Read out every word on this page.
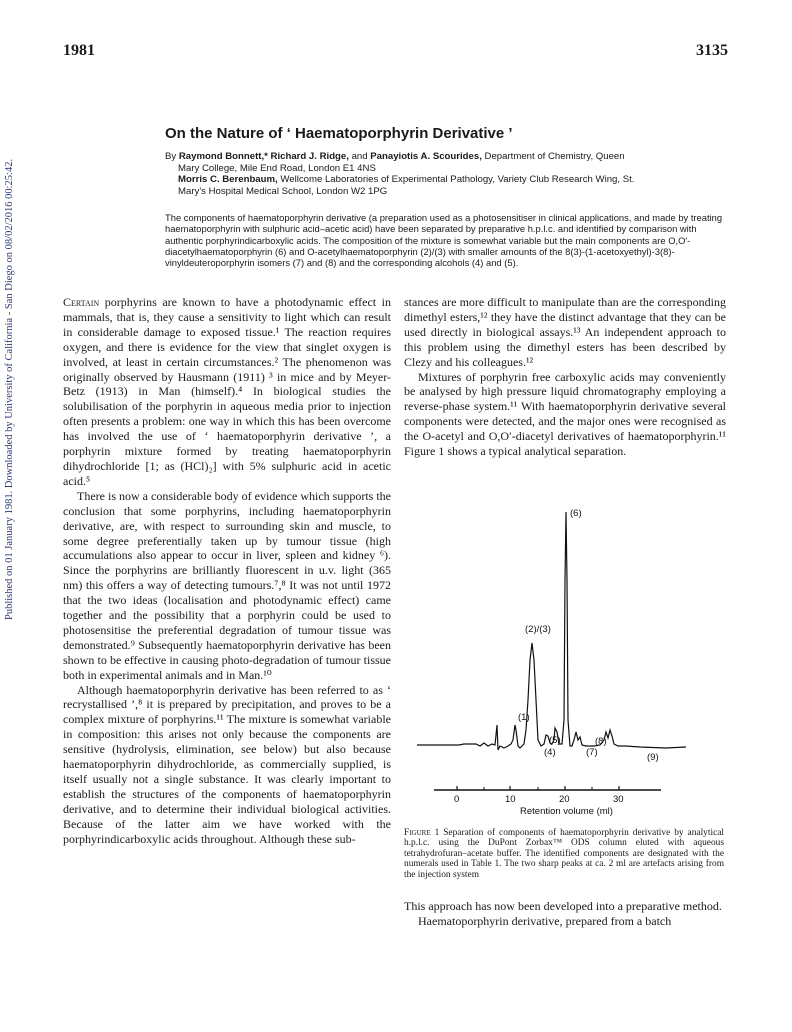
1981	3135
Published on 01 January 1981. Downloaded by University of California - San Diego on 08/02/2016 00:25:42.
On the Nature of ‘ Haematoporphyrin Derivative ’
By Raymond Bonnett,* Richard J. Ridge, and Panayiotis A. Scourides, Department of Chemistry, Queen
Mary College, Mile End Road, London E1 4NS
Morris C. Berenbaum, Wellcome Laboratories of Experimental Pathology, Variety Club Research Wing, St.
Mary's Hospital Medical School, London W2 1PG
The components of haematoporphyrin derivative (a preparation used as a photosensitiser in clinical applications, and made by treating haematoporphyrin with sulphuric acid–acetic acid) have been separated by preparative h.p.l.c. and identified by comparison with authentic porphyrindicarboxylic acids. The composition of the mixture is somewhat variable but the main components are O,O′-diacetylhaematoporphyrin (6) and O-acetylhaematoporphyrin (2)/(3) with smaller amounts of the 8(3)-(1-acetoxyethyl)-3(8)-vinyldeuteroporphyrin isomers (7) and (8) and the corresponding alcohols (4) and (5).

Certain porphyrins are known to have a photodynamic effect in mammals, that is, they cause a sensitivity to light which can result in considerable damage to exposed tissue.¹ The reaction requires oxygen, and there is evidence for the view that singlet oxygen is involved, at least in certain circumstances.² The phenomenon was originally observed by Hausmann (1911) ³ in mice and by Meyer-Betz (1913) in Man (himself).⁴ In biological studies the solubilisation of the porphyrin in aqueous media prior to injection often presents a problem: one way in which this has been overcome has involved the use of ‘ haematoporphyrin derivative ’, a porphyrin mixture formed by treating haematoporphyrin dihydrochloride [1; as (HCl)₂] with 5% sulphuric acid in acetic acid.⁵

There is now a considerable body of evidence which supports the conclusion that some porphyrins, including haematoporphyrin derivative, are, with respect to surrounding skin and muscle, to some degree preferentially taken up by tumour tissue (high accumulations also appear to occur in liver, spleen and kidney ⁶). Since the porphyrins are brilliantly fluorescent in u.v. light (365 nm) this offers a way of detecting tumours.⁷,⁸ It was not until 1972 that the two ideas (localisation and photodynamic effect) came together and the possibility that a porphyrin could be used to photosensitise the preferential degradation of tumour tissue was demonstrated.⁹ Subsequently haematoporphyrin derivative has been shown to be effective in causing photo-degradation of tumour tissue both in experimental animals and in Man.¹⁰

Although haematoporphyrin derivative has been referred to as ‘ recrystallised ’,⁸ it is prepared by precipitation, and proves to be a complex mixture of porphyrins.¹¹ The mixture is somewhat variable in composition: this arises not only because the components are sensitive (hydrolysis, elimination, see below) but also because haematoporphyrin dihydrochloride, as commercially supplied, is itself usually not a single substance. It was clearly important to establish the structures of the components of haematoporphyrin derivative, and to determine their individual biological activities. Because of the latter aim we have worked with the porphyrindicarboxylic acids throughout. Although these sub-

stances are more difficult to manipulate than are the corresponding dimethyl esters,¹² they have the distinct advantage that they can be used directly in biological assays.¹³ An independent approach to this problem using the dimethyl esters has been described by Clezy and his colleagues.¹²

Mixtures of porphyrin free carboxylic acids may conveniently be analysed by high pressure liquid chromatography employing a reverse-phase system.¹¹ With haematoporphyrin derivative several components were detected, and the major ones were recognised as the O-acetyl and O,O′-diacetyl derivatives of haematoporphyrin.¹¹ Figure 1 shows a typical analytical separation.

0	10	20	30
Retention volume (ml)
(6)
(2)/(3)
(1)
(5)
(4)
(8)
(7)	(9)
Figure 1 Separation of components of haematoporphyrin derivative by analytical h.p.l.c. using the DuPont Zorbax™ ODS column eluted with aqueous tetrahydrofuran–acetate buffer. The identified components are designated with the numerals used in Table 1. The two sharp peaks at ca. 2 ml are artefacts arising from the injection system

This approach has now been developed into a preparative method.

Haematoporphyrin derivative, prepared from a batch
